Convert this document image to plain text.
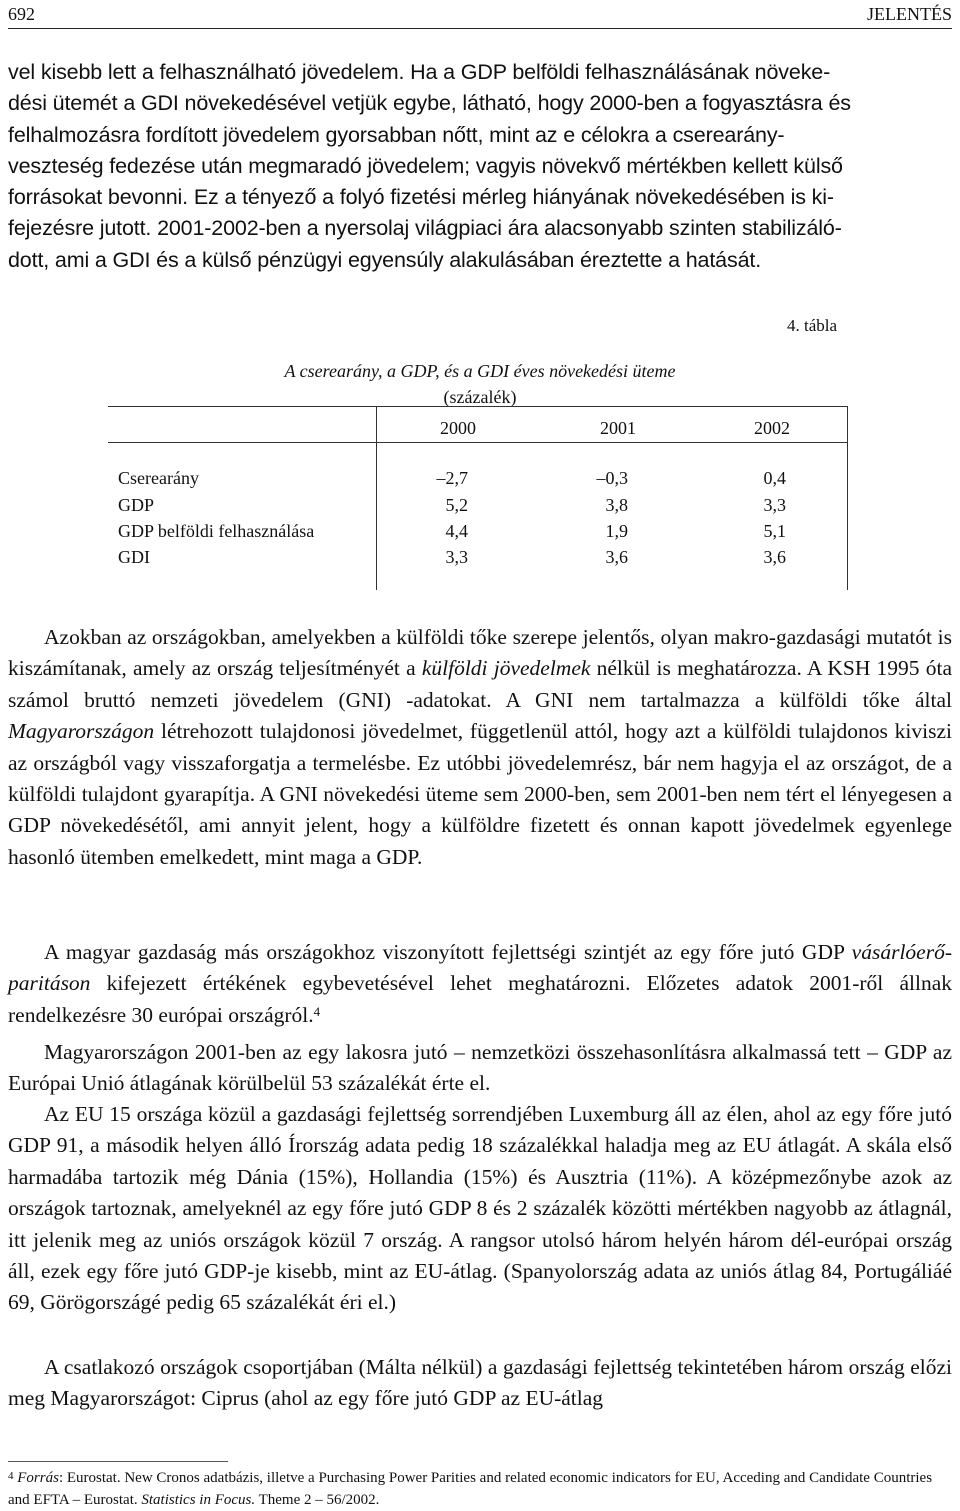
692	JELENTÉS
vel kisebb lett a felhasználható jövedelem. Ha a GDP belföldi felhasználásának növeke-
dési ütemét a GDI növekedésével vetjük egybe, látható, hogy 2000-ben a fogyasztásra és
felhalmozásra fordított jövedelem gyorsabban nőtt, mint az e célokra a cserearány-
veszteség fedezése után megmaradó jövedelem; vagyis növekvő mértékben kellett külső
forrásokat bevonni. Ez a tényező a folyó fizetési mérleg hiányának növekedésében is ki-
fejezésre jutott. 2001-2002-ben a nyersolaj világpiaci ára alacsonyabb szinten stabilizáló-
dott, ami a GDI és a külső pénzügyi egyensúly alakulásában éreztette a hatását.
4. tábla
A cserearány, a GDP, és a GDI éves növekedési üteme
(százalék)
2000	2001	2002
Cserearány	–2,7	–0,3	0,4
GDP	5,2	3,8	3,3
GDP belföldi felhasználása	4,4	1,9	5,1
GDI	3,3	3,6	3,6

Azokban az országokban, amelyekben a külföldi tőke szerepe jelentős, olyan makro-gazdasági mutatót is kiszámítanak, amely az ország teljesítményét a külföldi jövedelmek nélkül is meghatározza. A KSH 1995 óta számol bruttó nemzeti jövedelem (GNI) -adatokat. A GNI nem tartalmazza a külföldi tőke által Magyarországon létrehozott tulajdonosi jövedelmet, függetlenül attól, hogy azt a külföldi tulajdonos kiviszi az országból vagy visszaforgatja a termelésbe. Ez utóbbi jövedelemrész, bár nem hagyja el az országot, de a külföldi tulajdont gyarapítja. A GNI növekedési üteme sem 2000-ben, sem 2001-ben nem tért el lényegesen a GDP növekedésétől, ami annyit jelent, hogy a külföldre fizetett és onnan kapott jövedelmek egyenlege hasonló ütemben emelkedett, mint maga a GDP.

A magyar gazdaság más országokhoz viszonyított fejlettségi szintjét az egy főre jutó GDP vásárlóerő-paritáson kifejezett értékének egybevetésével lehet meghatározni. Előzetes adatok 2001-ről állnak rendelkezésre 30 európai országról.$^4$

Magyarországon 2001-ben az egy lakosra jutó – nemzetközi összehasonlításra alkalmassá tett – GDP az Európai Unió átlagának körülbelül 53 százalékát érte el.

Az EU 15 országa közül a gazdasági fejlettség sorrendjében Luxemburg áll az élen, ahol az egy főre jutó GDP 91, a második helyen álló Írország adata pedig 18 százalékkal haladja meg az EU átlagát. A skála első harmadába tartozik még Dánia (15%), Hollandia (15%) és Ausztria (11%). A középmezőnybe azok az országok tartoznak, amelyeknél az egy főre jutó GDP 8 és 2 százalék közötti mértékben nagyobb az átlagnál, itt jelenik meg az uniós országok közül 7 ország. A rangsor utolsó három helyén három dél-európai ország áll, ezek egy főre jutó GDP-je kisebb, mint az EU-átlag. (Spanyolország adata az uniós átlag 84, Portugáliáé 69, Görögországé pedig 65 százalékát éri el.)

A csatlakozó országok csoportjában (Málta nélkül) a gazdasági fejlettség tekintetében három ország előzi meg Magyarországot: Ciprus (ahol az egy főre jutó GDP az EU-átlag

$^4$ Forrás: Eurostat. New Cronos adatbázis, illetve a Purchasing Power Parities and related economic indicators for EU, Acceding and Candidate Countries and EFTA – Eurostat. Statistics in Focus. Theme 2 – 56/2002.
